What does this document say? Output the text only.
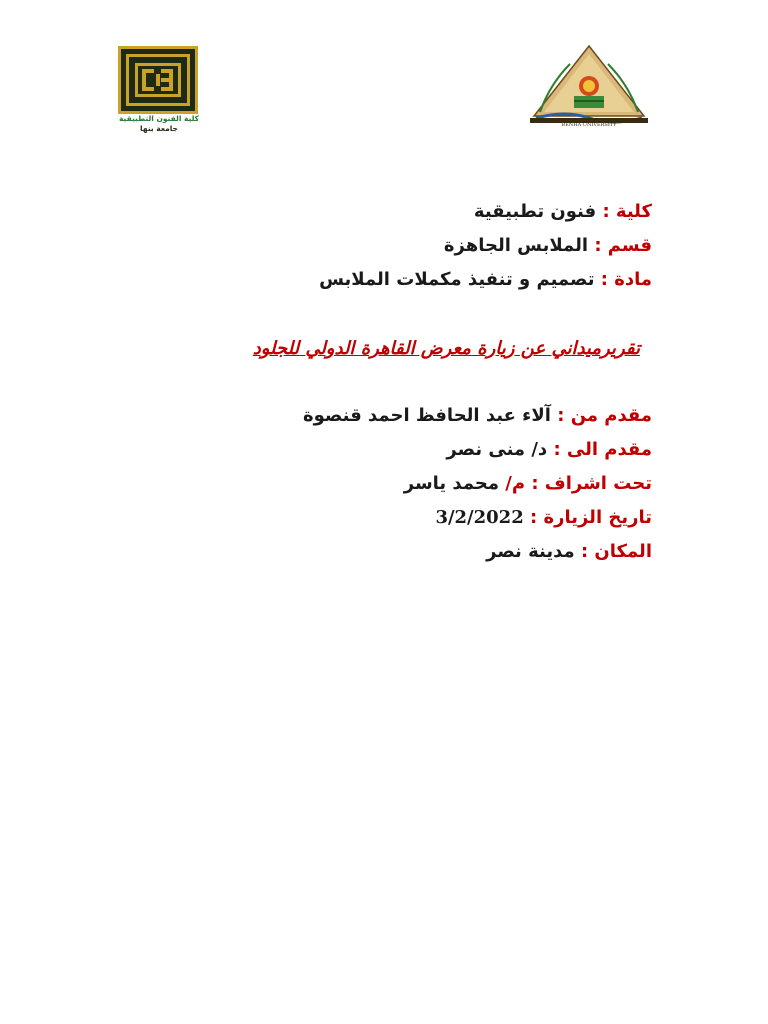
كلية الفنون التطبيقية
جامعة بنها	BENHA UNIVERSITY
كلية : فنون تطبيقية
قسم : الملابس الجاهزة
مادة : تصميم و تنفيذ مكملات الملابس
تقريرميداني عن زيارة معرض القاهرة الدولي للجلود
مقدم من : آلاء عبد الحافظ احمد قنصوة
مقدم الى : د/ منى نصر
تحت اشراف : م/ محمد ياسر
تاريخ الزيارة : 3/2/2022
المكان : مدينة نصر
